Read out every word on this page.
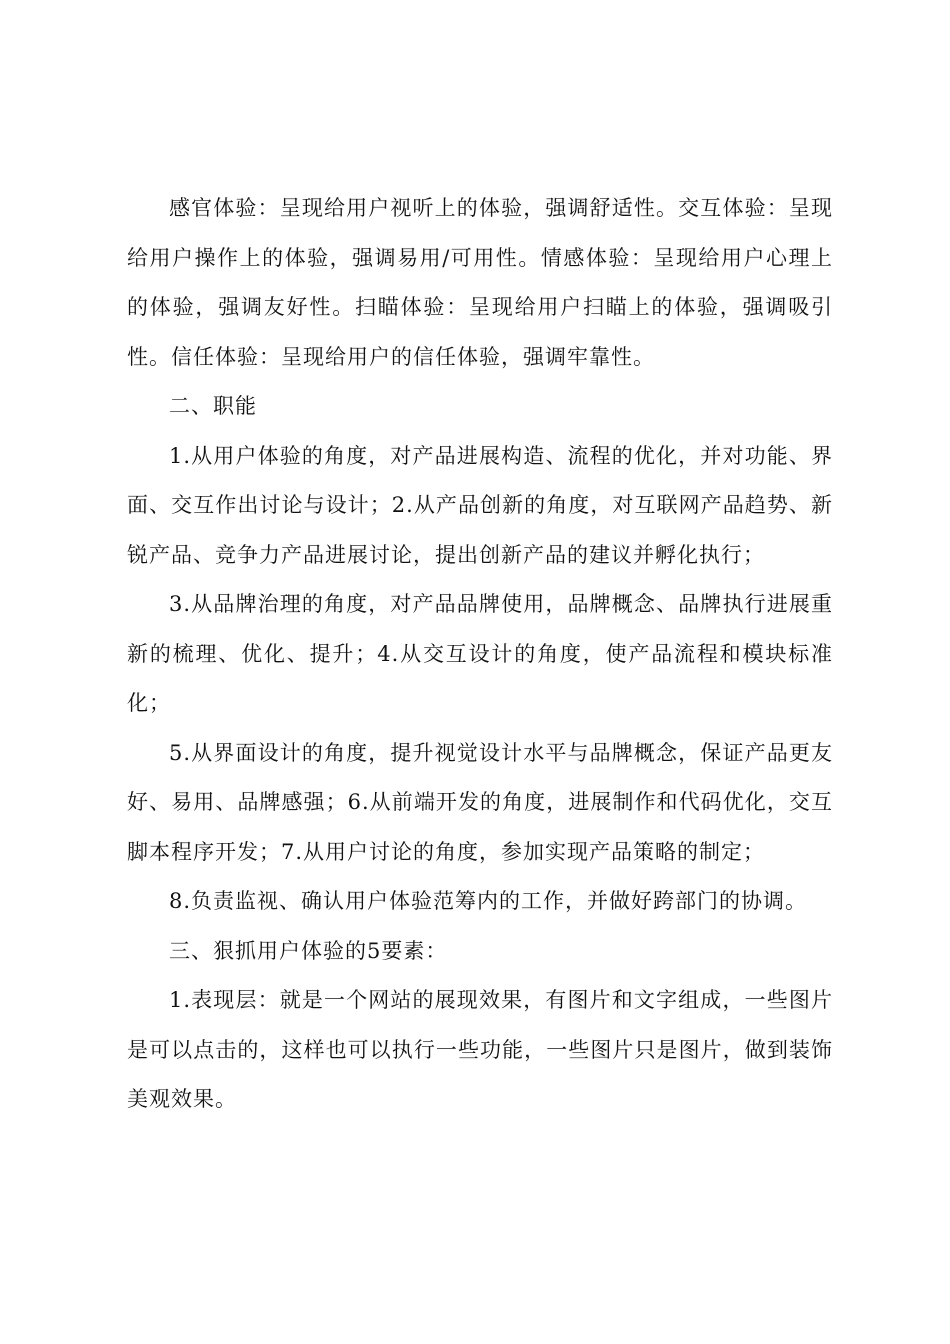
感官体验：呈现给用户视听上的体验，强调舒适性。交互体验：呈现给用户操作上的体验，强调易用/可用性。情感体验：呈现给用户心理上的体验，强调友好性。扫瞄体验：呈现给用户扫瞄上的体验，强调吸引性。信任体验：呈现给用户的信任体验，强调牢靠性。

二、职能

1.从用户体验的角度，对产品进展构造、流程的优化，并对功能、界面、交互作出讨论与设计；2.从产品创新的角度，对互联网产品趋势、新锐产品、竞争力产品进展讨论，提出创新产品的建议并孵化执行；

3.从品牌治理的角度，对产品品牌使用，品牌概念、品牌执行进展重新的梳理、优化、提升；4.从交互设计的角度，使产品流程和模块标准化；

5.从界面设计的角度，提升视觉设计水平与品牌概念，保证产品更友好、易用、品牌感强；6.从前端开发的角度，进展制作和代码优化，交互脚本程序开发；7.从用户讨论的角度，参加实现产品策略的制定；

8.负责监视、确认用户体验范筹内的工作，并做好跨部门的协调。

三、狠抓用户体验的5要素：

1.表现层：就是一个网站的展现效果，有图片和文字组成，一些图片是可以点击的，这样也可以执行一些功能，一些图片只是图片，做到装饰美观效果。
